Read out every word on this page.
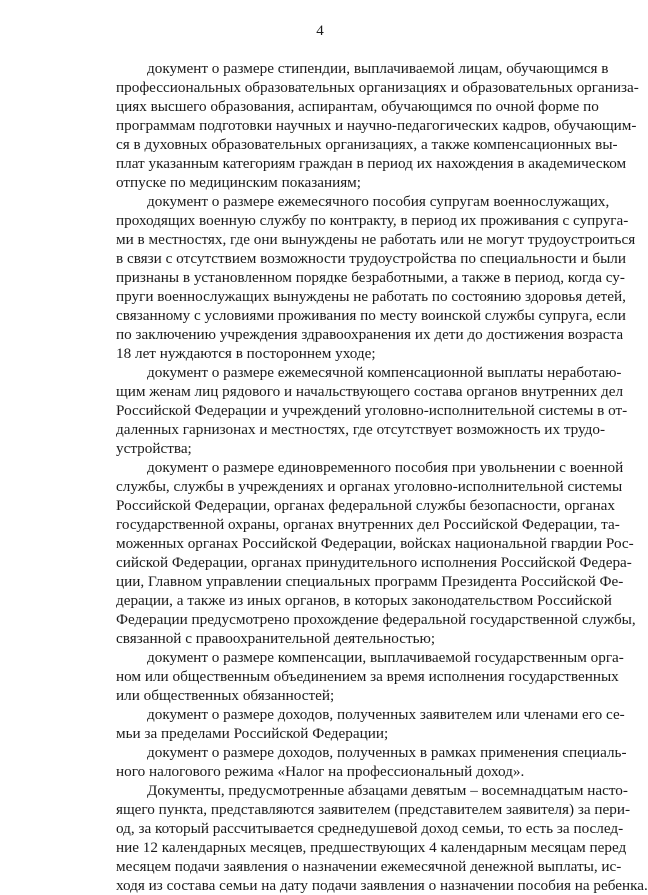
4
документ о размере стипендии, выплачиваемой лицам, обучающимся в
профессиональных образовательных организациях и образовательных организа-
циях высшего образования, аспирантам, обучающимся по очной форме по
программам подготовки научных и научно-педагогических кадров, обучающим-
ся в духовных образовательных организациях, а также компенсационных вы-
плат указанным категориям граждан в период их нахождения в академическом
отпуске по медицинским показаниям;
документ о размере ежемесячного пособия супругам военнослужащих,
проходящих военную службу по контракту, в период их проживания с супруга-
ми в местностях, где они вынуждены не работать или не могут трудоустроиться
в связи с отсутствием возможности трудоустройства по специальности и были
признаны в установленном порядке безработными, а также в период, когда су-
пруги военнослужащих вынуждены не работать по состоянию здоровья детей,
связанному с условиями проживания по месту воинской службы супруга, если
по заключению учреждения здравоохранения их дети до достижения возраста
18 лет нуждаются в постороннем уходе;
документ о размере ежемесячной компенсационной выплаты неработаю-
щим женам лиц рядового и начальствующего состава органов внутренних дел
Российской Федерации и учреждений уголовно-исполнительной системы в от-
даленных гарнизонах и местностях, где отсутствует возможность их трудо-
устройства;
документ о размере единовременного пособия при увольнении с военной
службы, службы в учреждениях и органах уголовно-исполнительной системы
Российской Федерации, органах федеральной службы безопасности, органах
государственной охраны, органах внутренних дел Российской Федерации, та-
моженных органах Российской Федерации, войсках национальной гвардии Рос-
сийской Федерации, органах принудительного исполнения Российской Федера-
ции, Главном управлении специальных программ Президента Российской Фе-
дерации, а также из иных органов, в которых законодательством Российской
Федерации предусмотрено прохождение федеральной государственной службы,
связанной с правоохранительной деятельностью;
документ о размере компенсации, выплачиваемой государственным орга-
ном или общественным объединением за время исполнения государственных
или общественных обязанностей;
документ о размере доходов, полученных заявителем или членами его се-
мьи за пределами Российской Федерации;
документ о размере доходов, полученных в рамках применения специаль-
ного налогового режима «Налог на профессиональный доход».
Документы, предусмотренные абзацами девятым – восемнадцатым насто-
ящего пункта, представляются заявителем (представителем заявителя) за пери-
од, за который рассчитывается среднедушевой доход семьи, то есть за послед-
ние 12 календарных месяцев, предшествующих 4 календарным месяцам перед
месяцем подачи заявления о назначении ежемесячной денежной выплаты, ис-
ходя из состава семьи на дату подачи заявления о назначении пособия на ребенка.
